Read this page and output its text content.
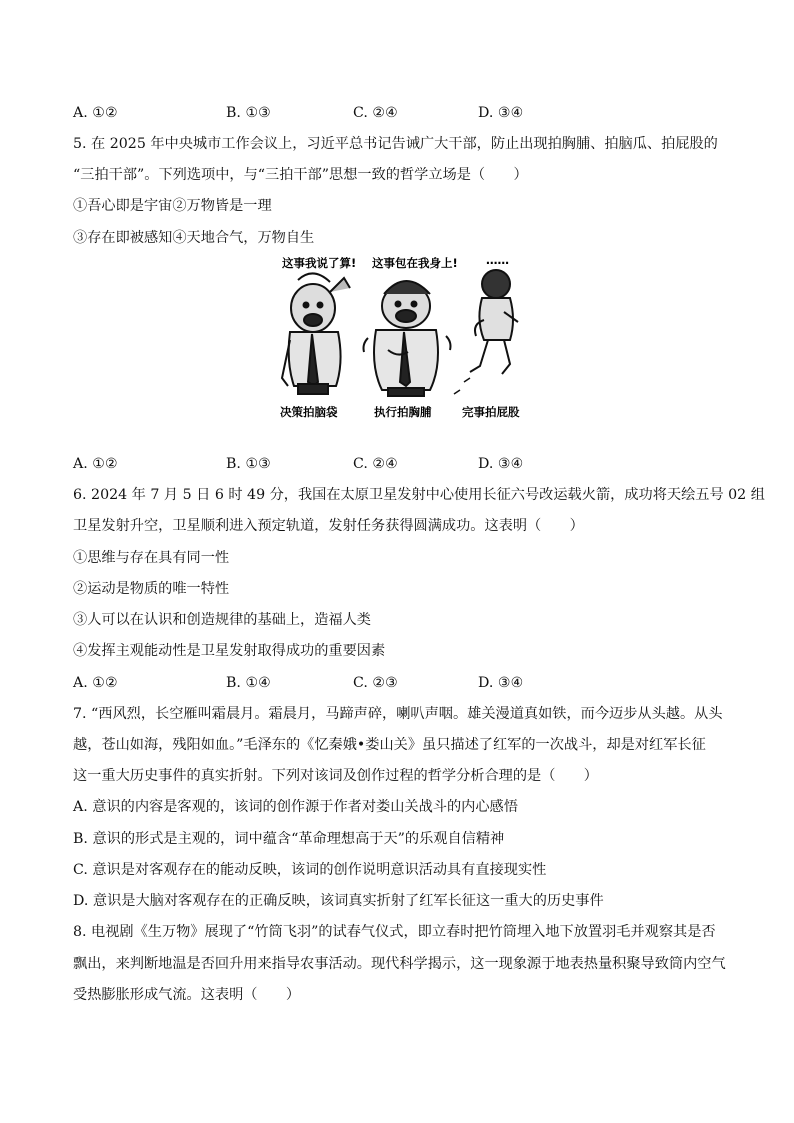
A. ①②	B. ①③	C. ②④	D. ③④
5. 在 2025 年中央城市工作会议上，习近平总书记告诫广大干部，防止出现拍胸脯、拍脑瓜、拍屁股的
“三拍干部”。下列选项中，与“三拍干部”思想一致的哲学立场是（　　）
①吾心即是宇宙②万物皆是一理
③存在即被感知④天地合气，万物自生
这事我说了算! 这事包在我身上! ……
决策拍脑袋	执行拍胸脯	完事拍屁股
A. ①②	B. ①③	C. ②④	D. ③④
6. 2024 年 7 月 5 日 6 时 49 分，我国在太原卫星发射中心使用长征六号改运载火箭，成功将天绘五号 02 组
卫星发射升空，卫星顺利进入预定轨道，发射任务获得圆满成功。这表明（　　）
①思维与存在具有同一性
②运动是物质的唯一特性
③人可以在认识和创造规律的基础上，造福人类
④发挥主观能动性是卫星发射取得成功的重要因素
A. ①②	B. ①④	C. ②③	D. ③④
7. “西风烈，长空雁叫霜晨月。霜晨月，马蹄声碎，喇叭声咽。雄关漫道真如铁，而今迈步从头越。从头
越，苍山如海，残阳如血。”毛泽东的《忆秦娥•娄山关》虽只描述了红军的一次战斗，却是对红军长征
这一重大历史事件的真实折射。下列对该词及创作过程的哲学分析合理的是（　　）
A. 意识的内容是客观的，该词的创作源于作者对娄山关战斗的内心感悟
B. 意识的形式是主观的，词中蕴含“革命理想高于天”的乐观自信精神
C. 意识是对客观存在的能动反映，该词的创作说明意识活动具有直接现实性
D. 意识是大脑对客观存在的正确反映，该词真实折射了红军长征这一重大的历史事件
8. 电视剧《生万物》展现了“竹筒飞羽”的试春气仪式，即立春时把竹筒埋入地下放置羽毛并观察其是否
飘出，来判断地温是否回升用来指导农事活动。现代科学揭示，这一现象源于地表热量积聚导致筒内空气
受热膨胀形成气流。这表明（　　）
